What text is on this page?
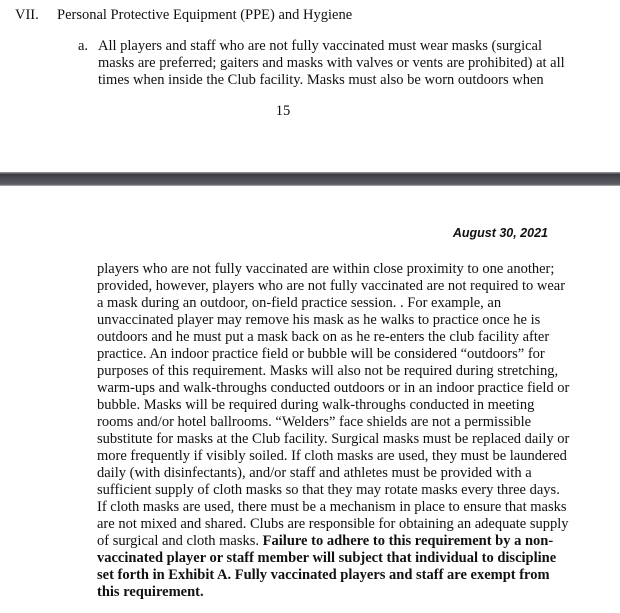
VII. Personal Protective Equipment (PPE) and Hygiene
a. All players and staff who are not fully vaccinated must wear masks (surgical
masks are preferred; gaiters and masks with valves or vents are prohibited) at all
times when inside the Club facility. Masks must also be worn outdoors when
15
August 30, 2021
players who are not fully vaccinated are within close proximity to one another;
provided, however, players who are not fully vaccinated are not required to wear
a mask during an outdoor, on-field practice session. . For example, an
unvaccinated player may remove his mask as he walks to practice once he is
outdoors and he must put a mask back on as he re-enters the club facility after
practice. An indoor practice field or bubble will be considered “outdoors” for
purposes of this requirement. Masks will also not be required during stretching,
warm-ups and walk-throughs conducted outdoors or in an indoor practice field or
bubble. Masks will be required during walk-throughs conducted in meeting
rooms and/or hotel ballrooms. “Welders” face shields are not a permissible
substitute for masks at the Club facility. Surgical masks must be replaced daily or
more frequently if visibly soiled. If cloth masks are used, they must be laundered
daily (with disinfectants), and/or staff and athletes must be provided with a
sufficient supply of cloth masks so that they may rotate masks every three days.
If cloth masks are used, there must be a mechanism in place to ensure that masks
are not mixed and shared. Clubs are responsible for obtaining an adequate supply
of surgical and cloth masks. Failure to adhere to this requirement by a non-
vaccinated player or staff member will subject that individual to discipline
set forth in Exhibit A. Fully vaccinated players and staff are exempt from
this requirement.
